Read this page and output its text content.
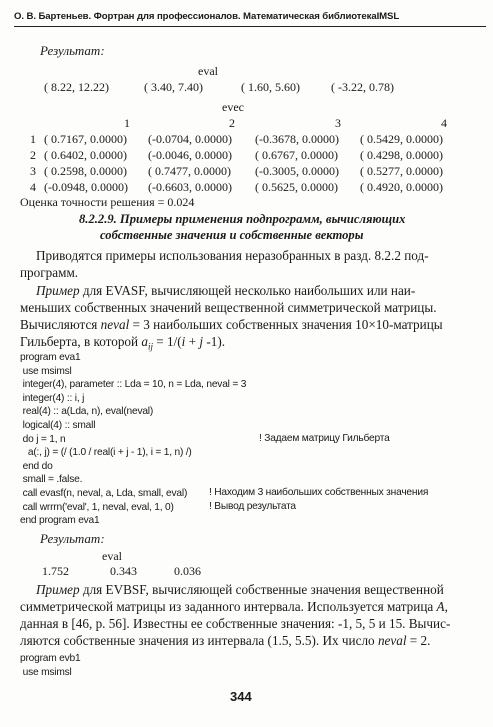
О. В. Бартеньев. Фортран для профессионалов. Математическая библиотекаIMSL
Результат:
eval
( 8.22, 12.22)	( 3.40, 7.40)	( 1.60, 5.60)	( -3.22, 0.78)
evec
1	2	3	4
1 ( 0.7167, 0.0000) (-0.0704, 0.0000) (-0.3678, 0.0000) ( 0.5429, 0.0000)
2 ( 0.6402, 0.0000) (-0.0046, 0.0000) ( 0.6767, 0.0000) ( 0.4298, 0.0000)
3 ( 0.2598, 0.0000) ( 0.7477, 0.0000) (-0.3005, 0.0000) ( 0.5277, 0.0000)
4 (-0.0948, 0.0000) (-0.6603, 0.0000) ( 0.5625, 0.0000) ( 0.4920, 0.0000)
Оценка точности решения = 0.024
8.2.2.9. Примеры применения подпрограмм, вычисляющих
собственные значения и собственные векторы
Приводятся примеры использования неразобранных в разд. 8.2.2 под-
программ.
Пример для EVASF, вычисляющей несколько наибольших или наи-
меньших собственных значений вещественной симметрической матрицы.
Вычисляются neval = 3 наибольших собственных значения 10×10-матрицы
Гильберта, в которой $a_{ij} = 1/(i + j$ -1).
program eva1
use msimsl
integer(4), parameter :: Lda = 10, n = Lda, neval = 3
integer(4) :: i, j
real(4) :: a(Lda, n), eval(neval)
logical(4) :: small
do j = 1, n
a(:, j) = (/ (1.0 / real(i + j - 1), i = 1, n) /)
end do
small = .false.
call evasf(n, neval, a, Lda, small, eval)
call wrrrn('eval', 1, neval, eval, 1, 0)
end program eva1
! Задаем матрицу Гильберта
! Находим 3 наибольших собственных значения
! Вывод результата
Результат:
eval
1.752	0.343	0.036
Пример для EVBSF, вычисляющей собственные значения вещественной
симметрической матрицы из заданного интервала. Используется матрица A,
данная в [46, p. 56]. Известны ее собственные значения: -1, 5, 5 и 15. Вычис-
ляются собственные значения из интервала (1.5, 5.5). Их число neval = 2.
program evb1
use msimsl
344
